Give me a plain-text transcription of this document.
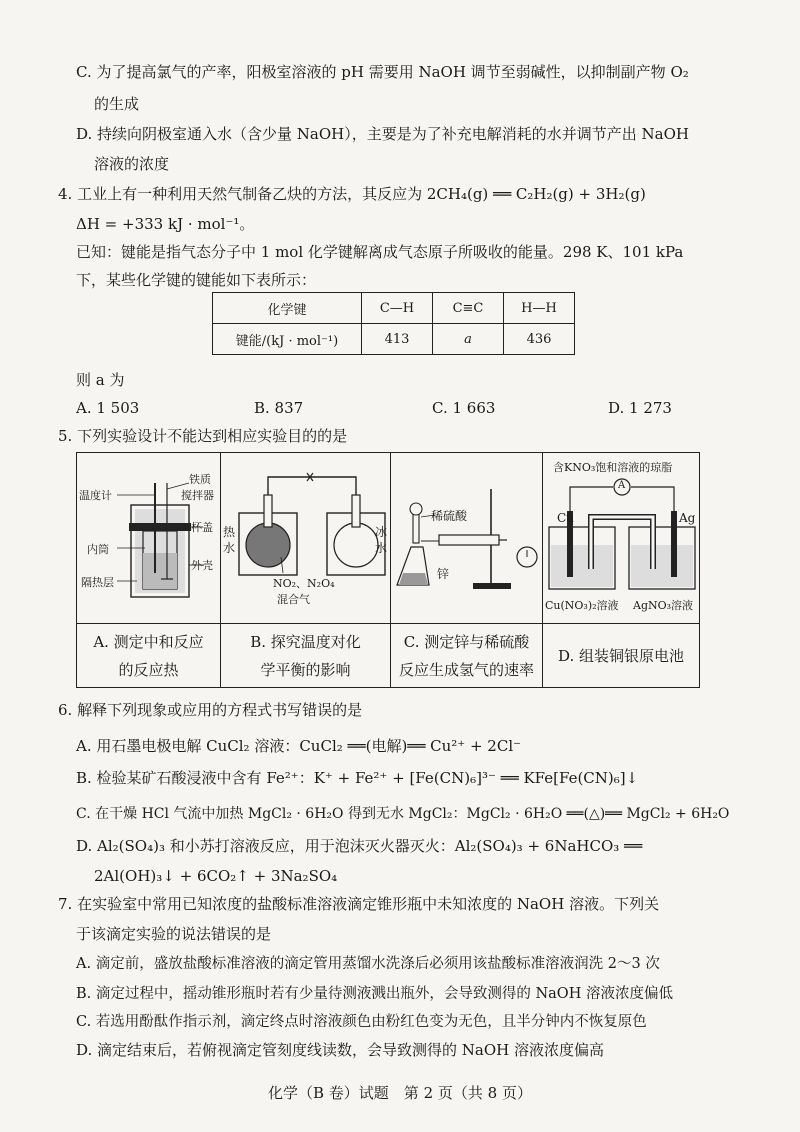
C. 为了提高氯气的产率，阳极室溶液的 pH 需要用 NaOH 调节至弱碱性，以抑制副产物 O₂
的生成
D. 持续向阴极室通入水（含少量 NaOH），主要是为了补充电解消耗的水并调节产出 NaOH
溶液的浓度
4. 工业上有一种利用天然气制备乙炔的方法，其反应为 2CH₄(g) ══ C₂H₂(g) + 3H₂(g)
ΔH = +333 kJ · mol⁻¹。
已知：键能是指气态分子中 1 mol 化学键解离成气态原子所吸收的能量。298 K、101 kPa
下，某些化学键的键能如下表所示：
化学键	C—H	C≡C	H—H
键能/(kJ · mol⁻¹)	413	a	436
则 a 为
A. 1 503	B. 837	C. 1 663	D. 1 273
5. 下列实验设计不能达到相应实验目的的是
温度计
铁质
搅拌器
杯盖
内筒
外壳
隔热层
热
水
冰
水
NO₂、N₂O₄
混合气
稀硫酸
锌
含KNO₃饱和溶液的琼脂
A
Cu	Ag
Cu(NO₃)₂溶液 AgNO₃溶液
A. 测定中和反应
的反应热
B. 探究温度对化
学平衡的影响
C. 测定锌与稀硫酸
反应生成氢气的速率
D. 组装铜银原电池
6. 解释下列现象或应用的方程式书写错误的是
A. 用石墨电极电解 CuCl₂ 溶液：CuCl₂ ══(电解)══ Cu²⁺ + 2Cl⁻
B. 检验某矿石酸浸液中含有 Fe²⁺：K⁺ + Fe²⁺ + [Fe(CN)₆]³⁻ ══ KFe[Fe(CN)₆]↓
C. 在干燥 HCl 气流中加热 MgCl₂ · 6H₂O 得到无水 MgCl₂：MgCl₂ · 6H₂O ══(△)══ MgCl₂ + 6H₂O
D. Al₂(SO₄)₃ 和小苏打溶液反应，用于泡沫灭火器灭火：Al₂(SO₄)₃ + 6NaHCO₃ ══
2Al(OH)₃↓ + 6CO₂↑ + 3Na₂SO₄
7. 在实验室中常用已知浓度的盐酸标准溶液滴定锥形瓶中未知浓度的 NaOH 溶液。下列关
于该滴定实验的说法错误的是
A. 滴定前，盛放盐酸标准溶液的滴定管用蒸馏水洗涤后必须用该盐酸标准溶液润洗 2～3 次
B. 滴定过程中，摇动锥形瓶时若有少量待测液溅出瓶外，会导致测得的 NaOH 溶液浓度偏低
C. 若选用酚酞作指示剂，滴定终点时溶液颜色由粉红色变为无色，且半分钟内不恢复原色
D. 滴定结束后，若俯视滴定管刻度线读数，会导致测得的 NaOH 溶液浓度偏高
化学（B 卷）试题　第 2 页（共 8 页）
